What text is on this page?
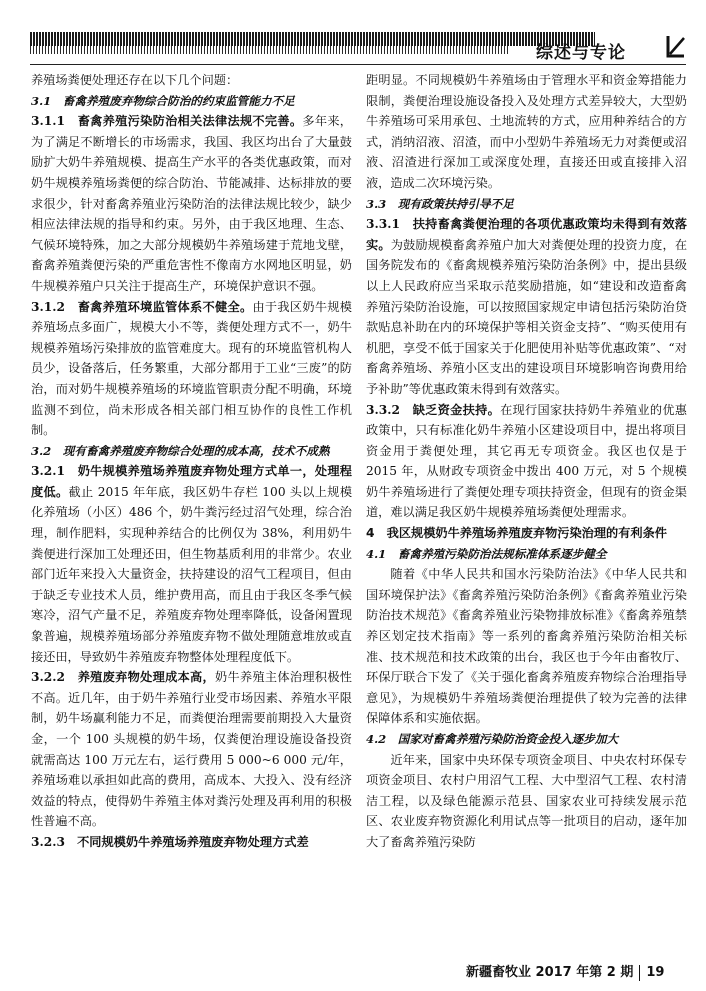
综述与专论

养殖场粪便处理还存在以下几个问题：

3.1　畜禽养殖废弃物综合防治的约束监管能力不足

3.1.1　畜禽养殖污染防治相关法律法规不完善。多年来，为了满足不断增长的市场需求，我国、我区均出台了大量鼓励扩大奶牛养殖规模、提高生产水平的各类优惠政策，而对奶牛规模养殖场粪便的综合防治、节能减排、达标排放的要求很少，针对畜禽养殖业污染防治的法律法规比较少，缺少相应法律法规的指导和约束。另外，由于我区地理、生态、气候环境特殊，加之大部分规模奶牛养殖场建于荒地戈壁，畜禽养殖粪便污染的严重危害性不像南方水网地区明显，奶牛规模养殖户只关注于提高生产，环境保护意识不强。

3.1.2　畜禽养殖环境监管体系不健全。由于我区奶牛规模养殖场点多面广，规模大小不等，粪便处理方式不一，奶牛规模养殖场污染排放的监管难度大。现有的环境监管机构人员少，设备落后，任务繁重，大部分都用于工业“三废”的防治，而对奶牛规模养殖场的环境监管职责分配不明确，环境监测不到位，尚未形成各相关部门相互协作的良性工作机制。

3.2　现有畜禽养殖废弃物综合处理的成本高，技术不成熟

3.2.1　奶牛规模养殖场养殖废弃物处理方式单一，处理程度低。截止 2015 年年底，我区奶牛存栏 100 头以上规模化养殖场（小区）486 个，奶牛粪污经过沼气处理，综合治理，制作肥料，实现种养结合的比例仅为 38%，利用奶牛粪便进行深加工处理还田，但生物基质利用的非常少。农业部门近年来投入大量资金，扶持建设的沼气工程项目，但由于缺乏专业技术人员，维护费用高，而且由于我区冬季气候寒冷，沼气产量不足，养殖废弃物处理率降低，设备闲置现象普遍，规模养殖场部分养殖废弃物不做处理随意堆放或直接还田，导致奶牛养殖废弃物整体处理程度低下。

3.2.2　养殖废弃物处理成本高，奶牛养殖主体治理积极性不高。近几年，由于奶牛养殖行业受市场因素、养殖水平限制，奶牛场赢利能力不足，而粪便治理需要前期投入大量资金，一个 100 头规模的奶牛场，仅粪便治理设施设备投资就需高达 100 万元左右，运行费用 5 000~6 000 元/年，养殖场难以承担如此高的费用，高成本、大投入、没有经济效益的特点，使得奶牛养殖主体对粪污处理及再利用的积极性普遍不高。

3.2.3　不同规模奶牛养殖场养殖废弃物处理方式差

距明显。不同规模奶牛养殖场由于管理水平和资金筹措能力限制，粪便治理设施设备投入及处理方式差异较大，大型奶牛养殖场可采用承包、土地流转的方式，应用种养结合的方式，消纳沼液、沼渣，而中小型奶牛养殖场无力对粪便或沼液、沼渣进行深加工或深度处理，直接还田或直接排入沼液，造成二次环境污染。

3.3　现有政策扶持引导不足

3.3.1　扶持畜禽粪便治理的各项优惠政策均未得到有效落实。为鼓励规模畜禽养殖户加大对粪便处理的投资力度，在国务院发布的《畜禽规模养殖污染防治条例》中，提出县级以上人民政府应当采取示范奖励措施，如“建设和改造畜禽养殖污染防治设施，可以按照国家规定申请包括污染防治贷款贴息补助在内的环境保护等相关资金支持”、“购买使用有机肥，享受不低于国家关于化肥使用补贴等优惠政策”、“对畜禽养殖场、养殖小区支出的建设项目环境影响咨询费用给予补助”等优惠政策未得到有效落实。

3.3.2　缺乏资金扶持。在现行国家扶持奶牛养殖业的优惠政策中，只有标准化奶牛养殖小区建设项目中，提出将项目资金用于粪便处理，其它再无专项资金。我区也仅是于 2015 年，从财政专项资金中拨出 400 万元，对 5 个规模奶牛养殖场进行了粪便处理专项扶持资金，但现有的资金渠道，难以满足我区奶牛规模养殖场粪便处理需求。

4　我区规模奶牛养殖场养殖废弃物污染治理的有利条件

4.1　畜禽养殖污染防治法规标准体系逐步健全

随着《中华人民共和国水污染防治法》《中华人民共和国环境保护法》《畜禽养殖污染防治条例》《畜禽养殖业污染防治技术规范》《畜禽养殖业污染物排放标准》《畜禽养殖禁养区划定技术指南》等一系列的畜禽养殖污染防治相关标准、技术规范和技术政策的出台，我区也于今年由畜牧厅、环保厅联合下发了《关于强化畜禽养殖废弃物综合治理指导意见》，为规模奶牛养殖场粪便治理提供了较为完善的法律保障体系和实施依据。

4.2　国家对畜禽养殖污染防治资金投入逐步加大

近年来，国家中央环保专项资金项目、中央农村环保专项资金项目、农村户用沼气工程、大中型沼气工程、农村清洁工程，以及绿色能源示范县、国家农业可持续发展示范区、农业废弃物资源化利用试点等一批项目的启动，逐年加大了畜禽养殖污染防

新疆畜牧业 2017 年第 2 期 19
